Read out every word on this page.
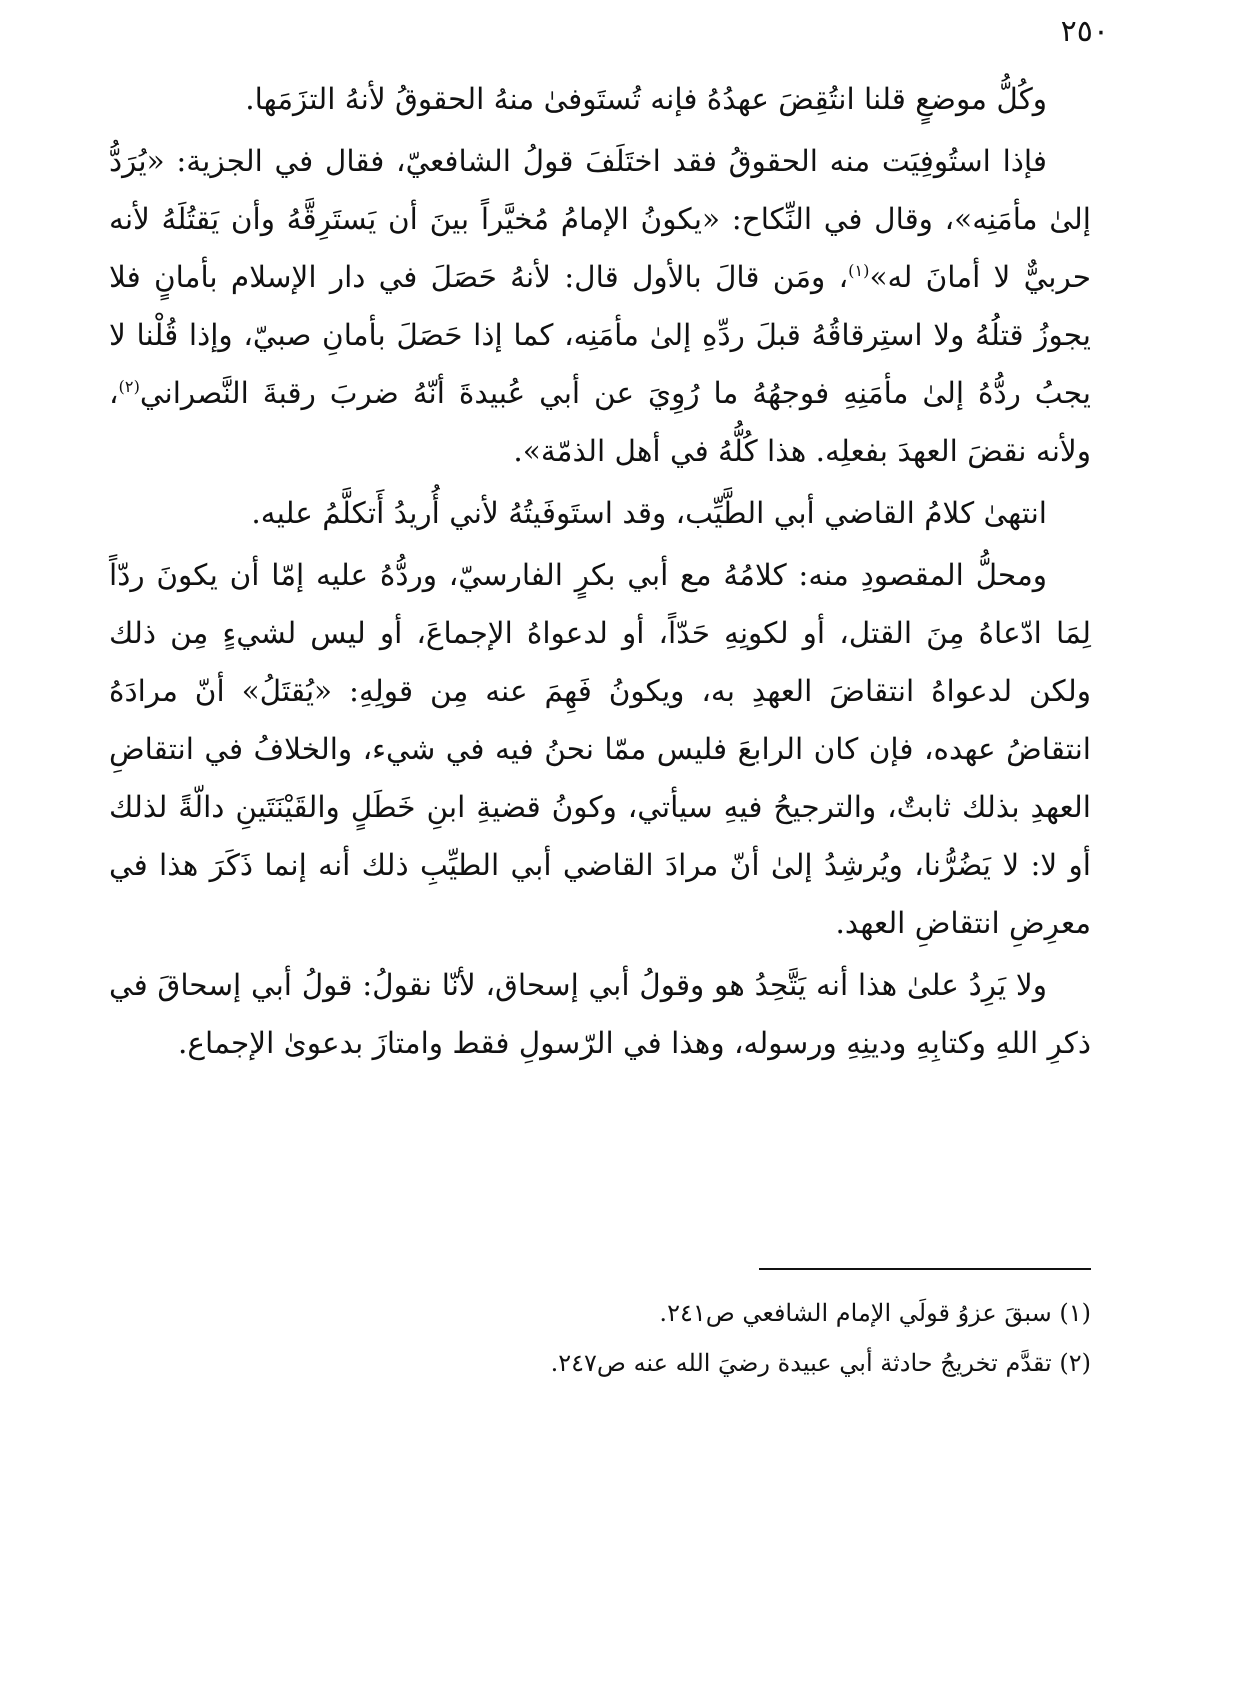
٢٥٠

وكُلُّ موضعٍ قلنا انتُقِضَ عهدُهُ فإنه تُستَوفىٰ منهُ الحقوقُ لأنهُ التزَمَها.

فإذا استُوفِيَت منه الحقوقُ فقد اختَلَفَ قولُ الشافعيّ، فقال في الجزية: «يُرَدُّ إلىٰ مأمَنِه»، وقال في النِّكاح: «يكونُ الإمامُ مُخيَّراً بينَ أن يَستَرِقَّهُ وأن يَقتُلَهُ لأنه حربيٌّ لا أمانَ له»$^{(١)}$، ومَن قالَ بالأول قال: لأنهُ حَصَلَ في دار الإسلام بأمانٍ فلا يجوزُ قتلُهُ ولا استِرقاقُهُ قبلَ ردِّهِ إلىٰ مأمَنِه، كما إذا حَصَلَ بأمانِ صبيّ، وإذا قُلْنا لا يجبُ ردُّهُ إلىٰ مأمَنِهِ فوجهُهُ ما رُوِيَ عن أبي عُبيدةَ أنّهُ ضربَ رقبةَ النَّصراني$^{(٢)}$، ولأنه نقضَ العهدَ بفعلِه. هذا كُلُّهُ في أهل الذمّة».

انتهىٰ كلامُ القاضي أبي الطَّيِّب، وقد استَوفَيتُهُ لأني أُريدُ أَتكلَّمُ عليه.

ومحلُّ المقصودِ منه: كلامُهُ مع أبي بكرٍ الفارسيّ، وردُّهُ عليه إمّا أن يكونَ ردّاً لِمَا ادّعاهُ مِنَ القتل، أو لكونِهِ حَدّاً، أو لدعواهُ الإجماعَ، أو ليس لشيءٍ مِن ذلك ولكن لدعواهُ انتقاضَ العهدِ به، ويكونُ فَهِمَ عنه مِن قولِهِ: «يُقتَلُ» أنّ مرادَهُ انتقاضُ عهده، فإن كان الرابعَ فليس ممّا نحنُ فيه في شيء، والخلافُ في انتقاضِ العهدِ بذلك ثابتٌ، والترجيحُ فيهِ سيأتي، وكونُ قضيةِ ابنِ خَطَلٍ والقَيْنَتَينِ دالّةً لذلك أو لا: لا يَضُرُّنا، ويُرشِدُ إلىٰ أنّ مرادَ القاضي أبي الطيِّبِ ذلك أنه إنما ذَكَرَ هذا في معرِضِ انتقاضِ العهد.

ولا يَرِدُ علىٰ هذا أنه يَتَّحِدُ هو وقولُ أبي إسحاق، لأنّا نقولُ: قولُ أبي إسحاقَ في ذكرِ اللهِ وكتابِهِ ودينِهِ ورسوله، وهذا في الرّسولِ فقط وامتازَ بدعوىٰ الإجماع.

(١) سبقَ عزوُ قولَي الإمام الشافعي ص٢٤١.

(٢) تقدَّم تخريجُ حادثة أبي عبيدة رضيَ الله عنه ص٢٤٧.
